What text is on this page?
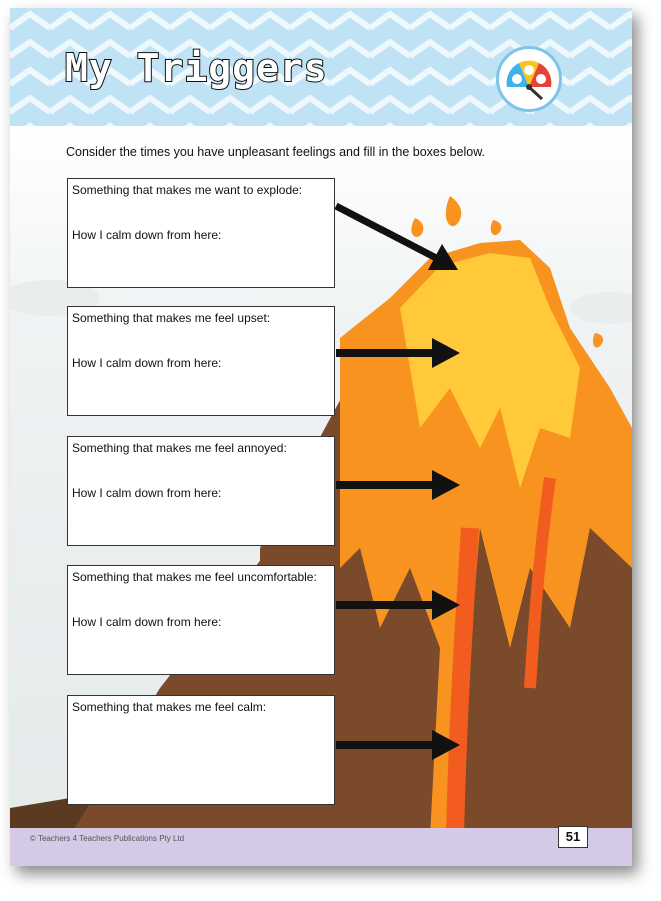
My Triggers
Consider the times you have unpleasant feelings and fill in the boxes below.
Something that makes me want to explode:
How I calm down from here:
Something that makes me feel upset:
How I calm down from here:
Something that makes me feel annoyed:
How I calm down from here:
Something that makes me feel uncomfortable:
How I calm down from here:
Something that makes me feel calm:
© Teachers 4 Teachers Publications Pty Ltd	51
